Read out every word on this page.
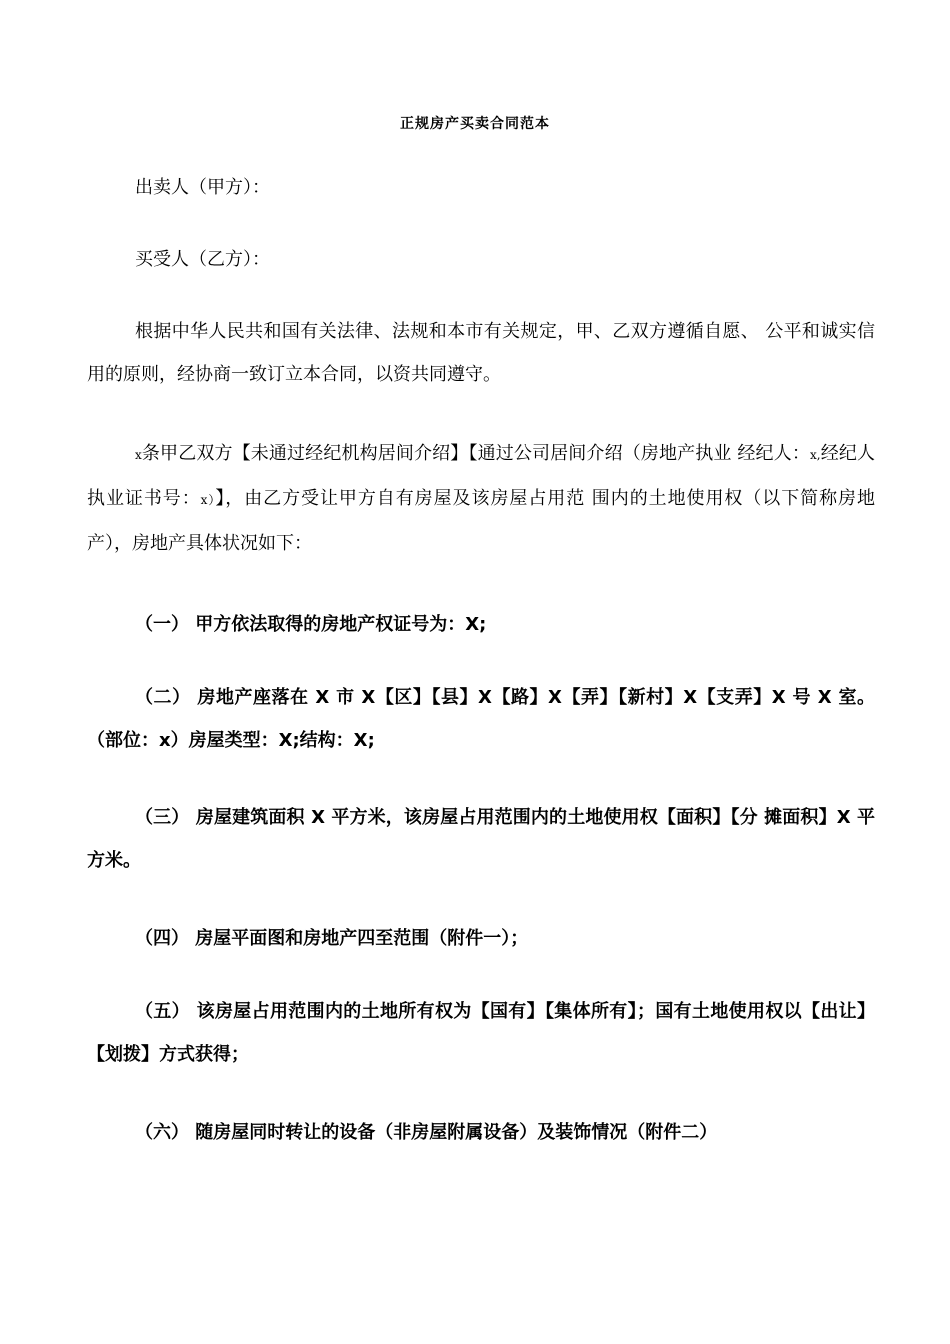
正规房产买卖合同范本
出卖人（甲方）：
买受人（乙方）：
根据中华人民共和国有关法律、法规和本市有关规定，甲、乙双方遵循自愿、 公平和诚实信用的原则，经协商一致订立本合同，以资共同遵守。
x条甲乙双方【未通过经纪机构居间介绍】【通过公司居间介绍（房地产执业 经纪人：x,经纪人执业证书号：x）】，由乙方受让甲方自有房屋及该房屋占用范 围内的土地使用权（以下简称房地产），房地产具体状况如下：
（一） 甲方依法取得的房地产权证号为：X;
（二） 房地产座落在 X 市 X【区】【县】X【路】X【弄】【新村】X【支弄】X 号 X 室。（部位：x）房屋类型：X;结构：X;
（三） 房屋建筑面积 X 平方米，该房屋占用范围内的土地使用权【面积】【分 摊面积】X 平方米。
（四） 房屋平面图和房地产四至范围（附件一）；
（五） 该房屋占用范围内的土地所有权为【国有】【集体所有】；国有土地使用权以【出让】【划拨】方式获得；
（六） 随房屋同时转让的设备（非房屋附属设备）及装饰情况（附件二）
